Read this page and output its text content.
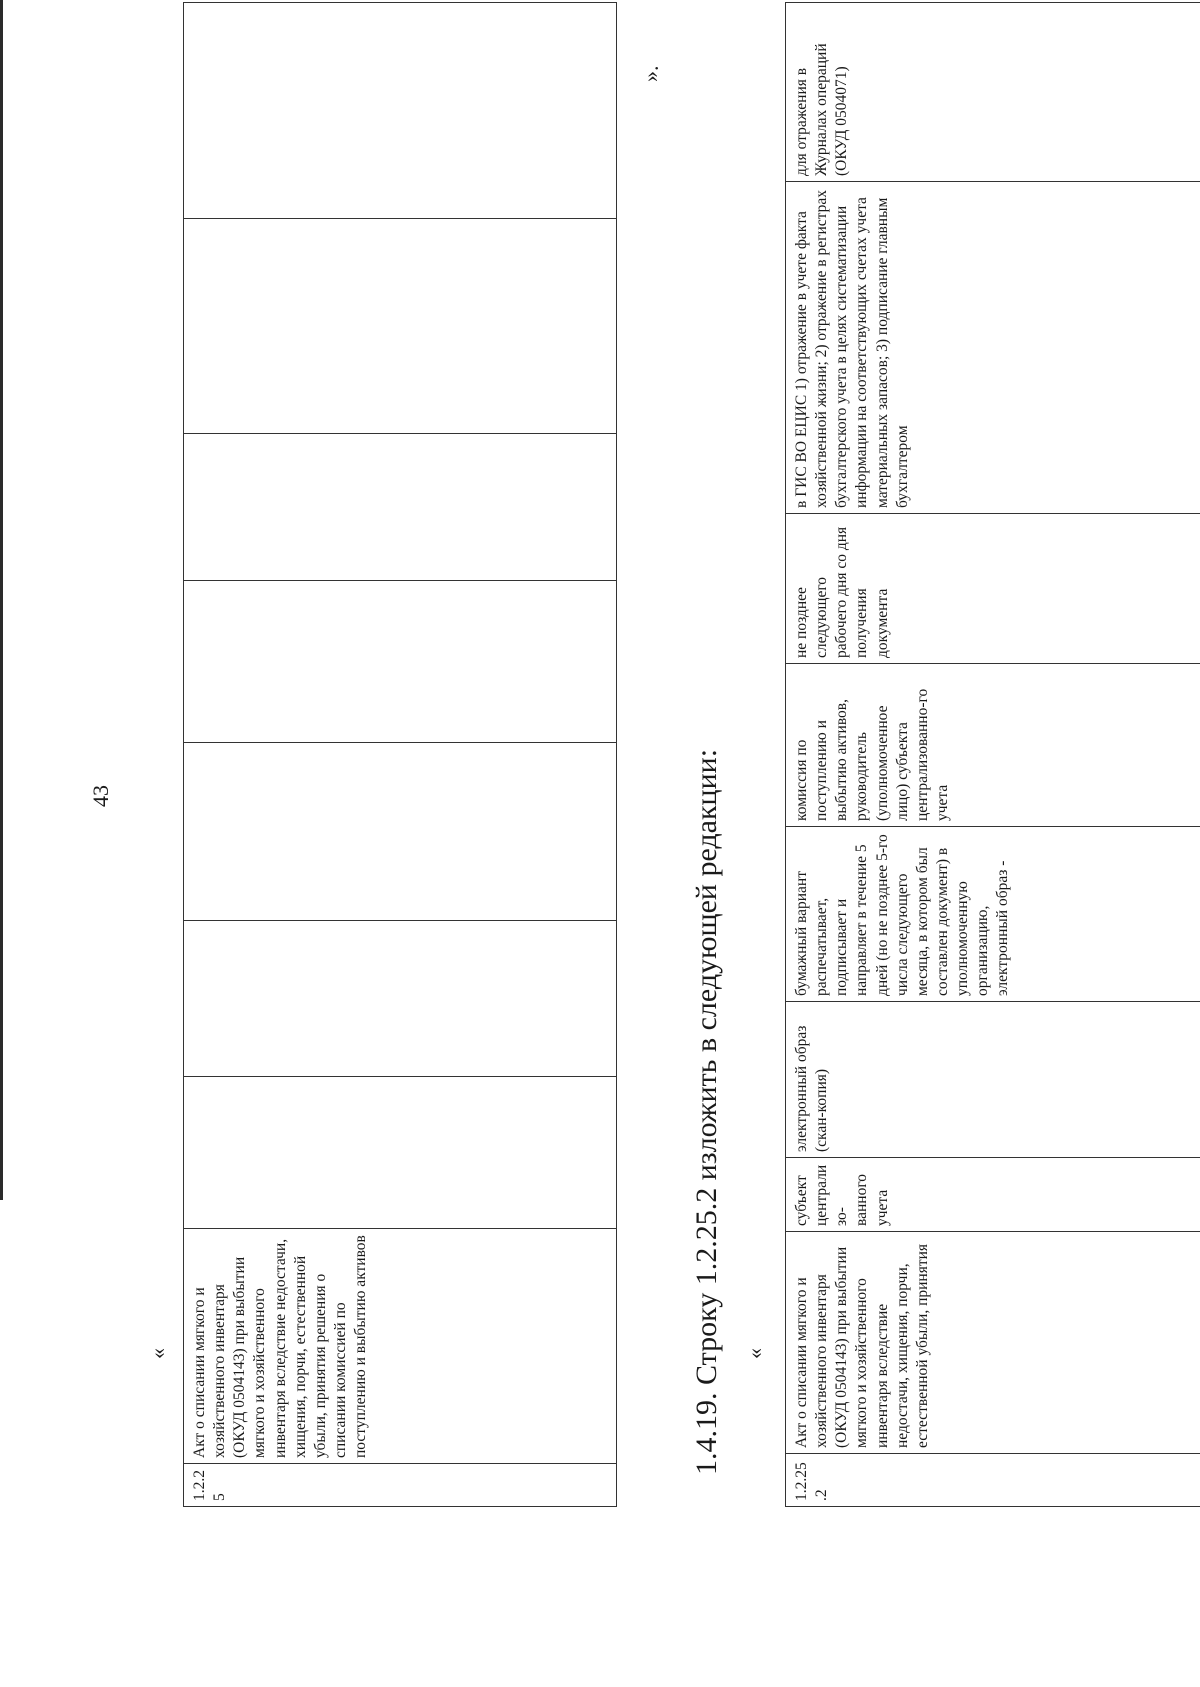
43
«
1.2.25	Акт о списании мягкого и хозяйственного инвентаря (ОКУД 0504143) при выбытии мягкого и хозяйственного инвентаря вследствие недостачи, хищения, порчи, естественной убыли, принятия решения о списании комиссией по поступлению и выбытию активов							
».
1.4.19. Строку 1.2.25.2 изложить в следующей редакции: «
1.2.25.2	Акт о списании мягкого и хозяйственного инвентаря (ОКУД 0504143) при выбытии мягкого и хозяйственного инвентаря вследствие недостачи, хищения, порчи, естественной убыли, принятия	субъект централизо-ванного учета	электронный образ (скан-копия)	бумажный вариант распечатывает, подписывает и направляет в течение 5 дней (но не позднее 5-го числа следующего месяца, в котором был составлен документ) в уполномоченную организацию, электронный образ -	комиссия по поступлению и выбытию активов, руководитель (уполномоченное лицо) субъекта централизованно-го учета	не позднее следующего рабочего дня со дня получения документа	в ГИС ВО ЕЦИС 1) отражение в учете факта хозяйственной жизни; 2) отражение в регистрах бухгалтерского учета в целях систематизации информации на соответствующих счетах учета материальных запасов; 3) подписание главным бухгалтером	для отражения в Журналах операций (ОКУД 0504071)
